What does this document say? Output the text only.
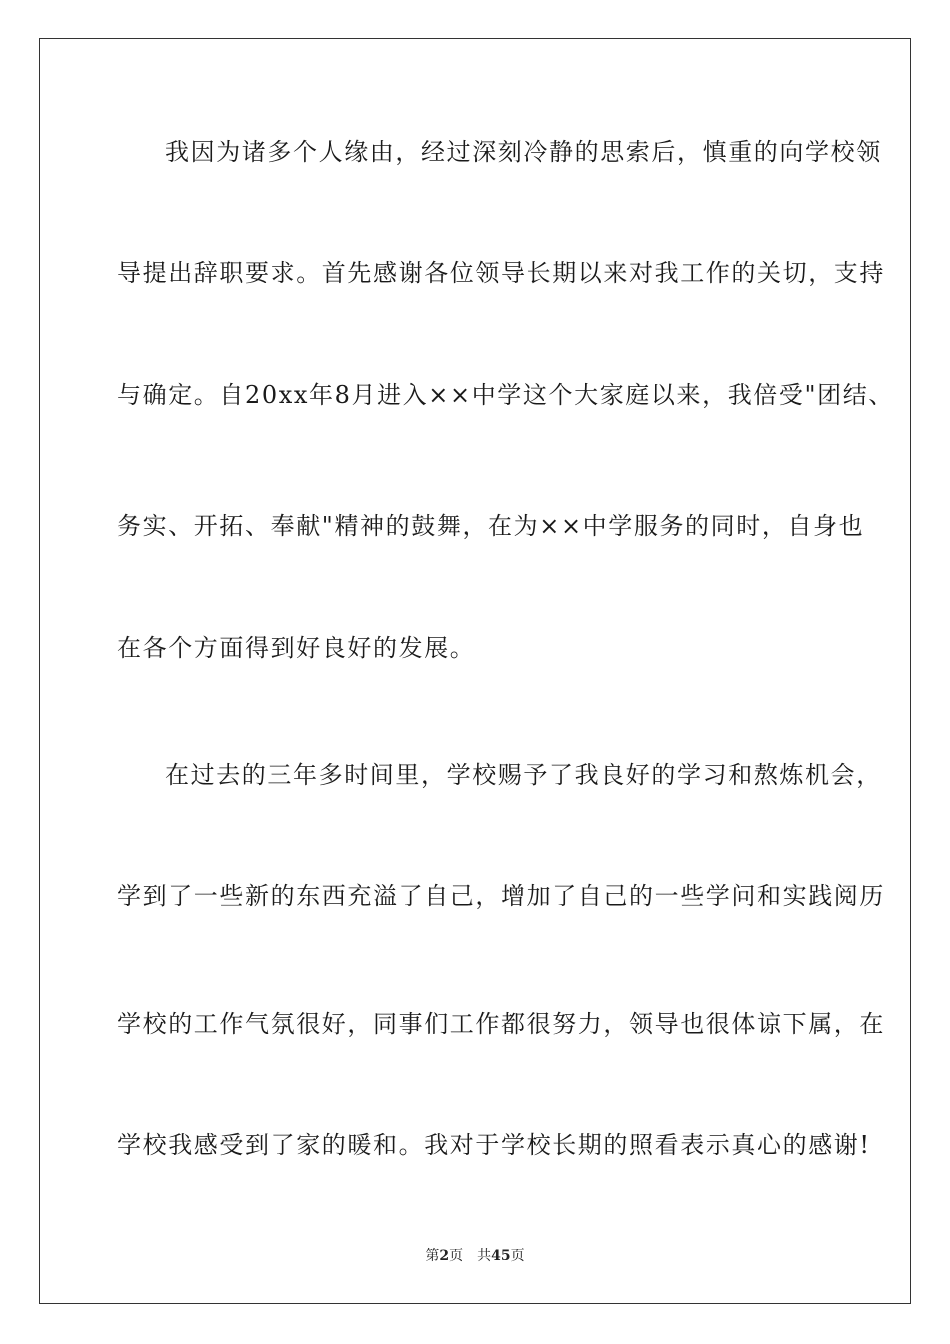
我因为诸多个人缘由，经过深刻冷静的思索后，慎重的向学校领
导提出辞职要求。首先感谢各位领导长期以来对我工作的关切，支持
与确定。自20xx年8月进入××中学这个大家庭以来，我倍受"团结、
务实、开拓、奉献"精神的鼓舞，在为××中学服务的同时，自身也
在各个方面得到好良好的发展。
在过去的三年多时间里，学校赐予了我良好的学习和熬炼机会，
学到了一些新的东西充溢了自己，增加了自己的一些学问和实践阅历
学校的工作气氛很好，同事们工作都很努力，领导也很体谅下属，在
学校我感受到了家的暖和。我对于学校长期的照看表示真心的感谢!
第2页 共45页
